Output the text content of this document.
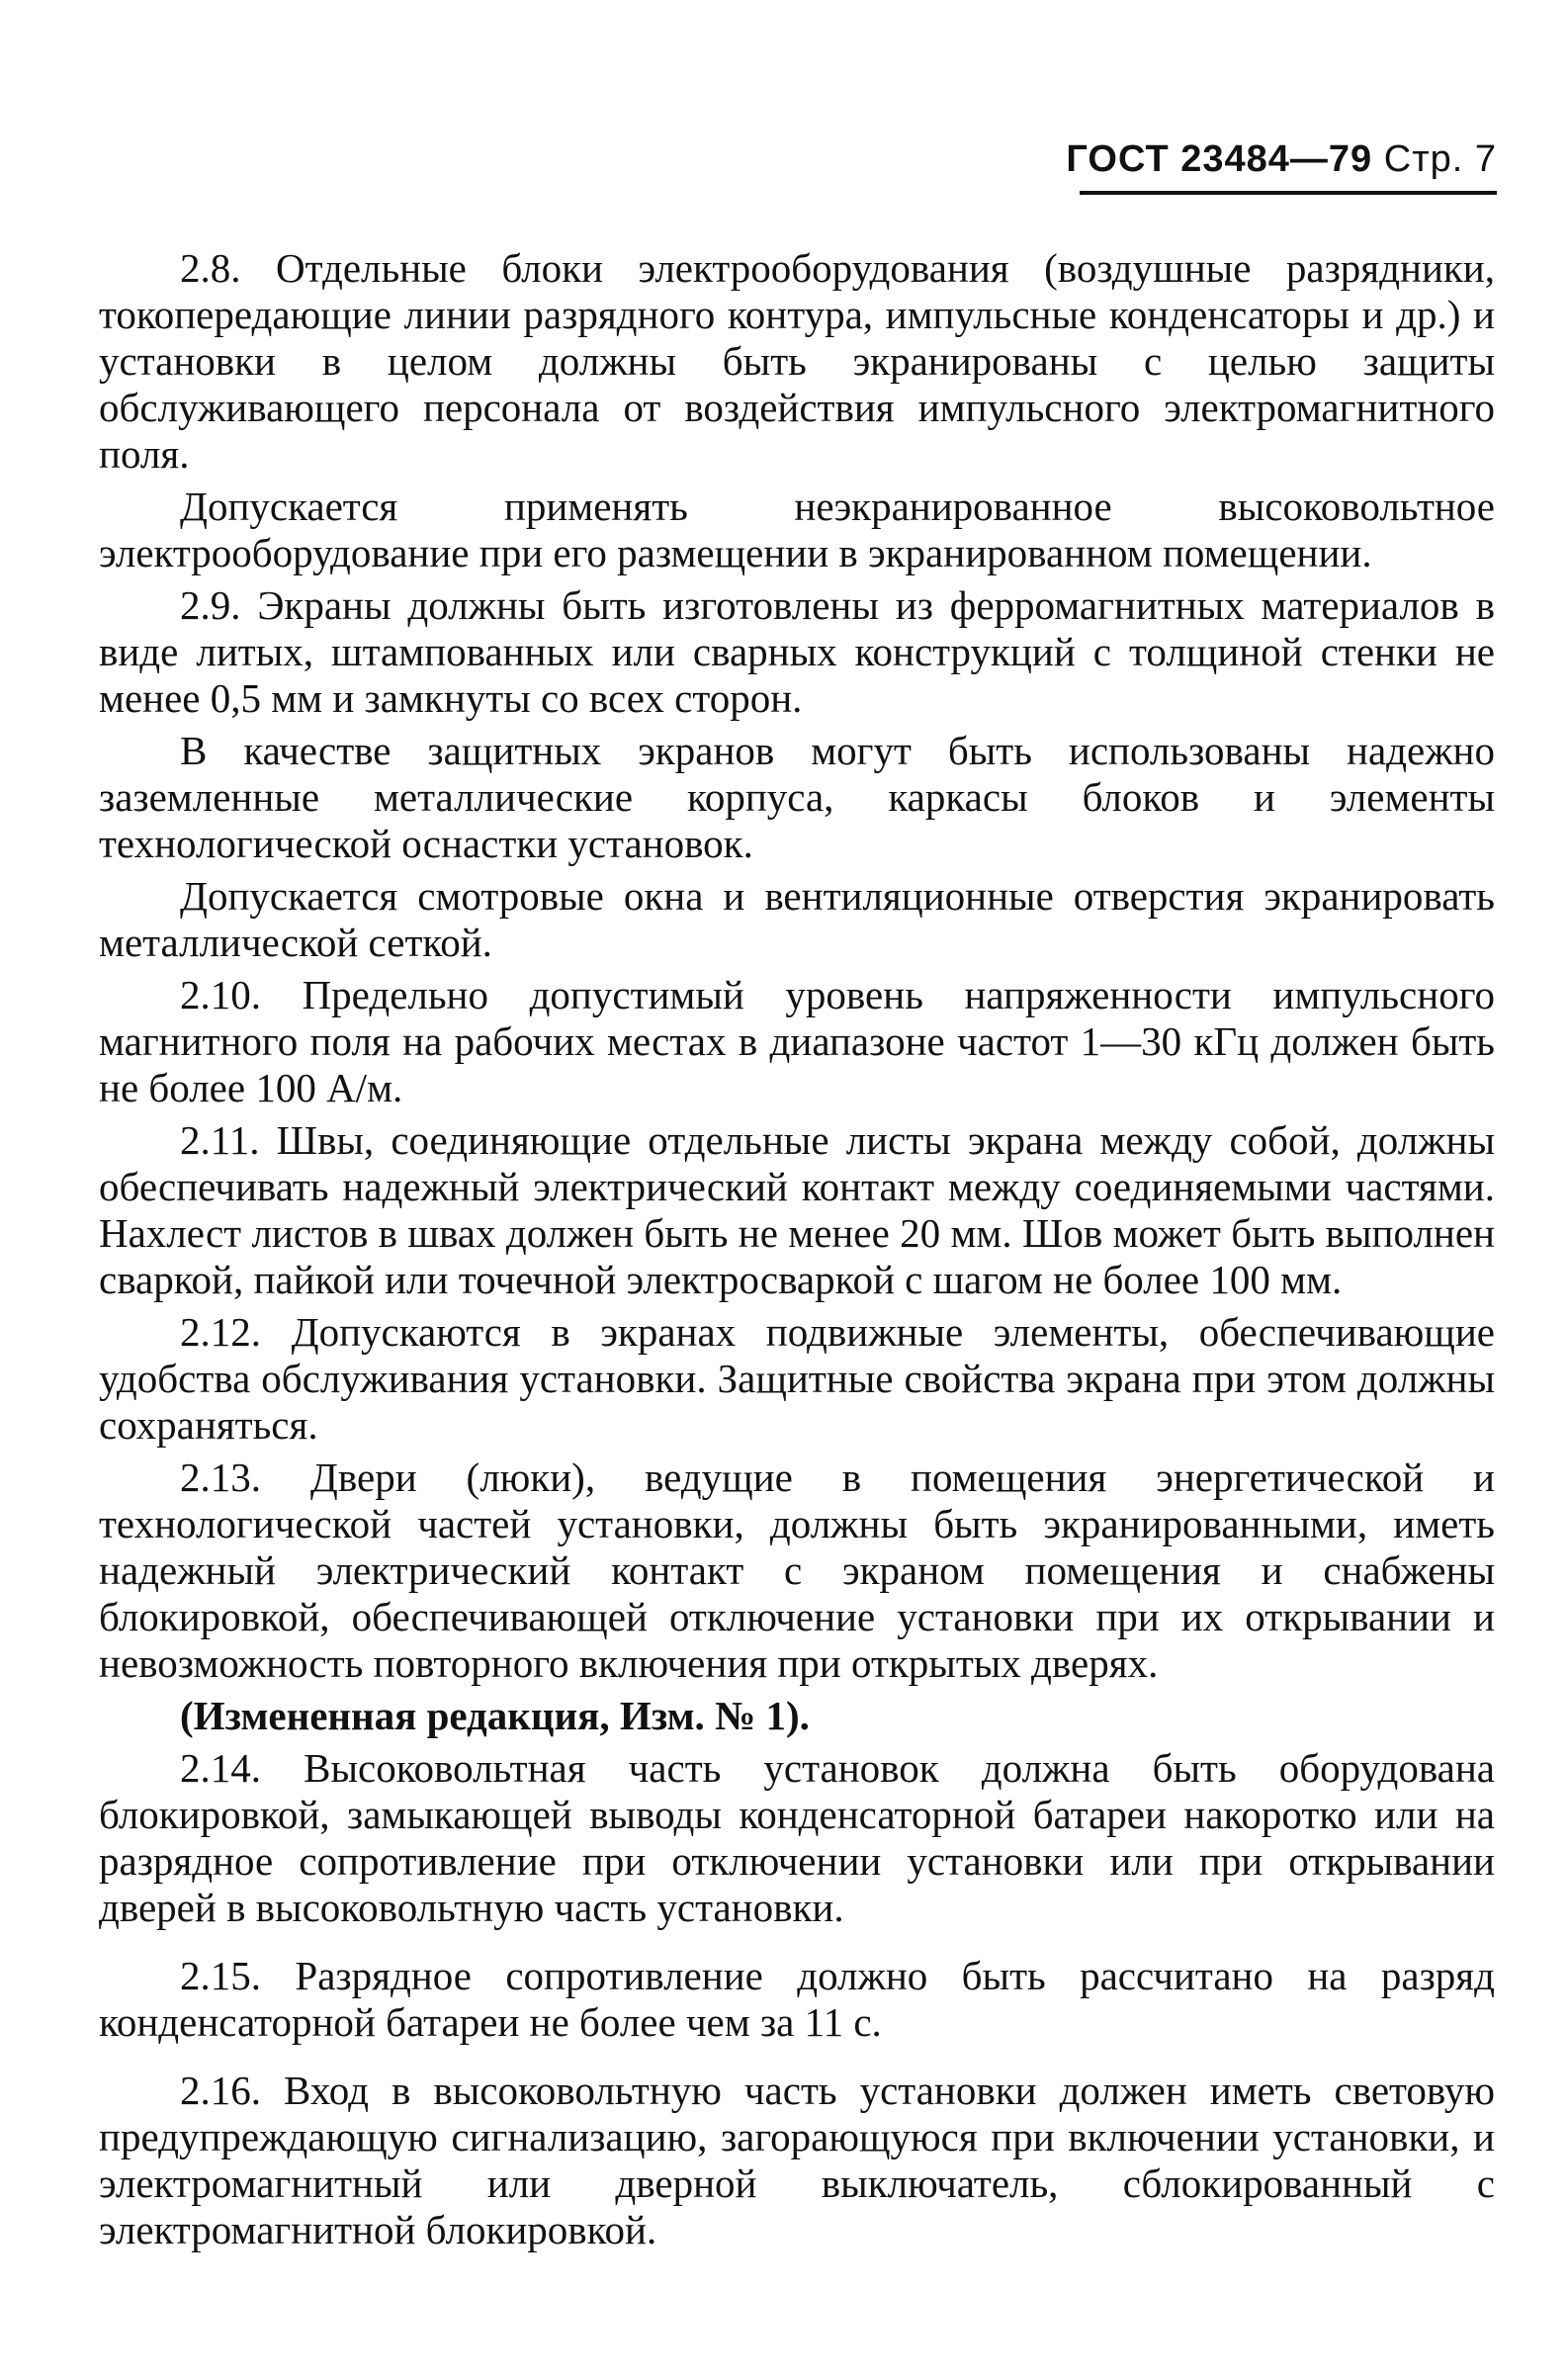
ГОСТ 23484—79 Стр. 7

2.8. Отдельные блоки электрооборудования (воздушные разрядники, токопередающие линии разрядного контура, импульсные конденсаторы и др.) и установки в целом должны быть экранированы с целью защиты обслуживающего персонала от воздействия импульсного электромагнитного поля.

Допускается применять неэкранированное высоковольтное электрооборудование при его размещении в экранированном помещении.

2.9. Экраны должны быть изготовлены из ферромагнитных материалов в виде литых, штампованных или сварных конструкций с толщиной стенки не менее 0,5 мм и замкнуты со всех сторон.

В качестве защитных экранов могут быть использованы надежно заземленные металлические корпуса, каркасы блоков и элементы технологической оснастки установок.

Допускается смотровые окна и вентиляционные отверстия экранировать металлической сеткой.

2.10. Предельно допустимый уровень напряженности импульсного магнитного поля на рабочих местах в диапазоне частот 1—30 кГц должен быть не более 100 А/м.

2.11. Швы, соединяющие отдельные листы экрана между собой, должны обеспечивать надежный электрический контакт между соединяемыми частями. Нахлест листов в швах должен быть не менее 20 мм. Шов может быть выполнен сваркой, пайкой или точечной электросваркой с шагом не более 100 мм.

2.12. Допускаются в экранах подвижные элементы, обеспечивающие удобства обслуживания установки. Защитные свойства экрана при этом должны сохраняться.

2.13. Двери (люки), ведущие в помещения энергетической и технологической частей установки, должны быть экранированными, иметь надежный электрический контакт с экраном помещения и снабжены блокировкой, обеспечивающей отключение установки при их открывании и невозможность повторного включения при открытых дверях.

(Измененная редакция, Изм. № 1).

2.14. Высоковольтная часть установок должна быть оборудована блокировкой, замыкающей выводы конденсаторной батареи накоротко или на разрядное сопротивление при отключении установки или при открывании дверей в высоковольтную часть установки.

2.15. Разрядное сопротивление должно быть рассчитано на разряд конденсаторной батареи не более чем за 11 с.

2.16. Вход в высоковольтную часть установки должен иметь световую предупреждающую сигнализацию, загорающуюся при включении установки, и электромагнитный или дверной выключатель, сблокированный с электромагнитной блокировкой.
